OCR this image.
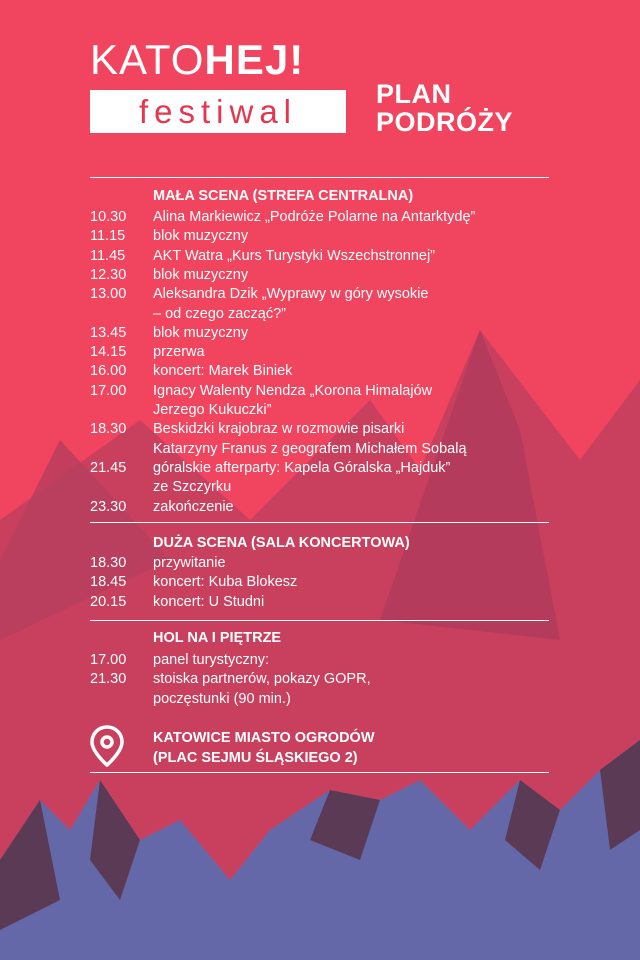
KATOHEJ!
festiwal	PLAN
PODRÓŻY
MAŁA SCENA (STREFA CENTRALNA)
10.30 Alina Markiewicz „Podróże Polarne na Antarktydę”
11.15 blok muzyczny
11.45 AKT Watra „Kurs Turystyki Wszechstronnej”
12.30 blok muzyczny
13.00 Aleksandra Dzik „Wyprawy w góry wysokie
– od czego zacząć?”
13.45 blok muzyczny
14.15 przerwa
16.00 koncert: Marek Biniek
17.00 Ignacy Walenty Nendza „Korona Himalajów
Jerzego Kukuczki”
18.30 Beskidzki krajobraz w rozmowie pisarki
Katarzyny Franus z geografem Michałem Sobalą
21.45 góralskie afterparty: Kapela Góralska „Hajduk”
ze Szczyrku
23.30 zakończenie
DUŻA SCENA (SALA KONCERTOWA)
18.30 przywitanie
18.45 koncert: Kuba Blokesz
20.15 koncert: U Studni
HOL NA I PIĘTRZE
17.00 panel turystyczny:
21.30 stoiska partnerów, pokazy GOPR,
poczęstunki (90 min.)
KATOWICE MIASTO OGRODÓW
(PLAC SEJMU ŚLĄSKIEGO 2)
